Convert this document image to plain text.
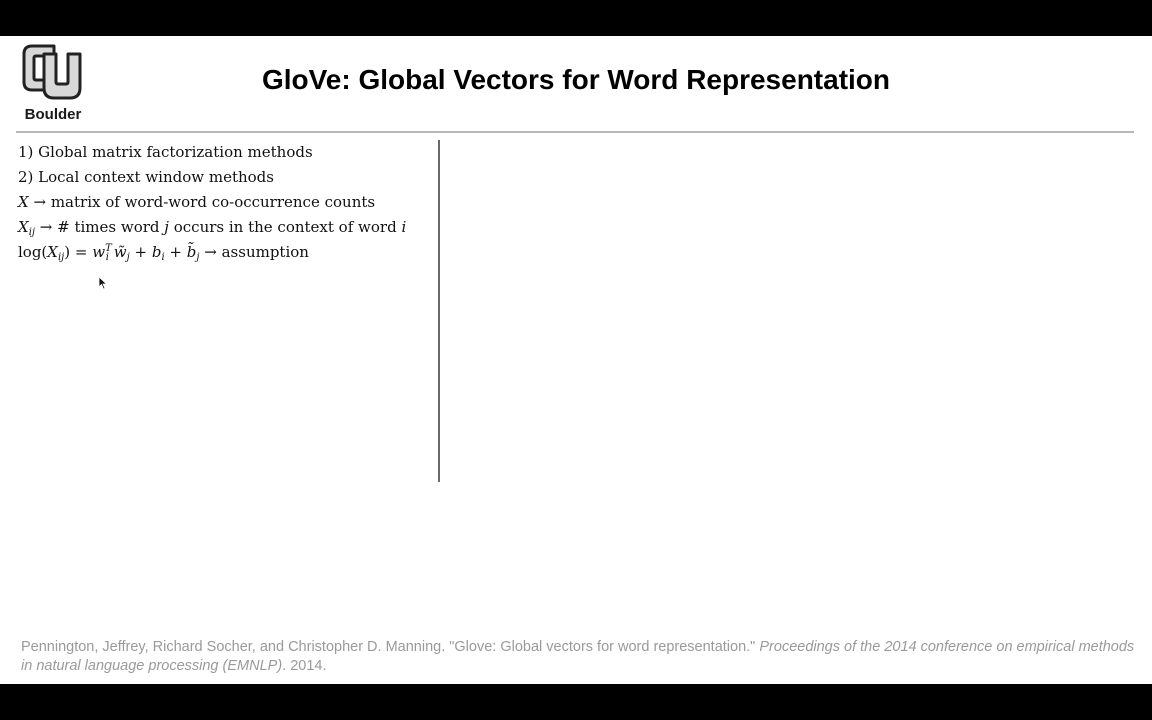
Boulder
GloVe: Global Vectors for Word Representation
1) Global matrix factorization methods
2) Local context window methods
X → matrix of word-word co-occurrence counts
$X_{ij}$ → # times word j occurs in the context of word i
$\log(X_{ij}) = w^T_i$ $w̃_j + b_i$ + $b̃_j$ → assumption
Pennington, Jeffrey, Richard Socher, and Christopher D. Manning. "Glove: Global vectors for word representation." Proceedings of the 2014 conference on empirical methods in natural language processing (EMNLP). 2014.
